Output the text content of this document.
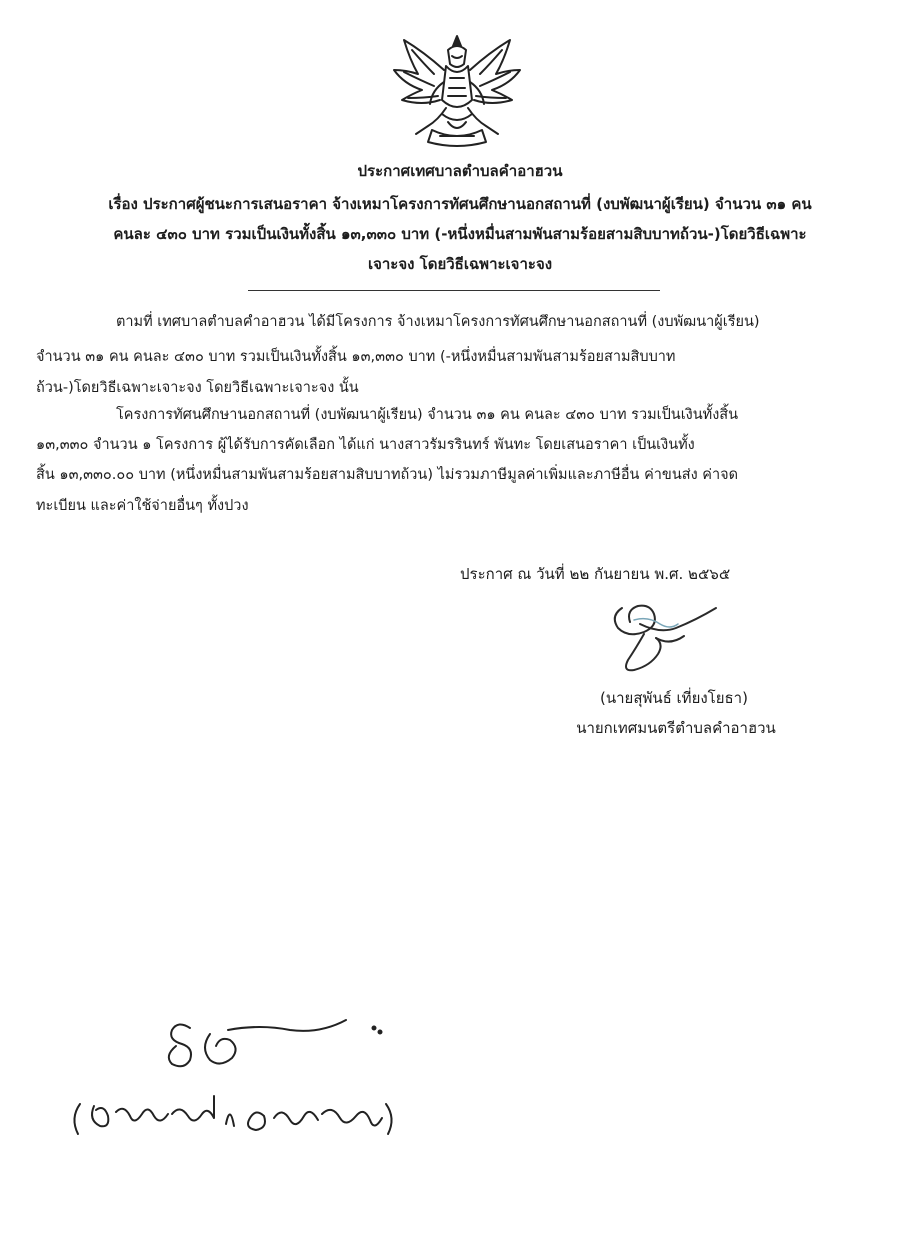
ประกาศเทศบาลตำบลคำอาฮวน
เรื่อง ประกาศผู้ชนะการเสนอราคา จ้างเหมาโครงการทัศนศึกษานอกสถานที่ (งบพัฒนาผู้เรียน) จำนวน ๓๑ คน
คนละ ๔๓๐ บาท รวมเป็นเงินทั้งสิ้น ๑๓,๓๓๐ บาท (-หนึ่งหมื่นสามพันสามร้อยสามสิบบาทถ้วน-)โดยวิธีเฉพาะ
เจาะจง โดยวิธีเฉพาะเจาะจง
ตามที่ เทศบาลตำบลคำอาฮวน ได้มีโครงการ จ้างเหมาโครงการทัศนศึกษานอกสถานที่ (งบพัฒนาผู้เรียน)
จำนวน ๓๑ คน คนละ ๔๓๐ บาท รวมเป็นเงินทั้งสิ้น ๑๓,๓๓๐ บาท (-หนึ่งหมื่นสามพันสามร้อยสามสิบบาท
ถ้วน-)โดยวิธีเฉพาะเจาะจง โดยวิธีเฉพาะเจาะจง นั้น
โครงการทัศนศึกษานอกสถานที่ (งบพัฒนาผู้เรียน) จำนวน ๓๑ คน คนละ ๔๓๐ บาท รวมเป็นเงินทั้งสิ้น
๑๓,๓๓๐ จำนวน ๑ โครงการ ผู้ได้รับการคัดเลือก ได้แก่ นางสาวรัมรรินทร์ พันทะ โดยเสนอราคา เป็นเงินทั้ง
สิ้น ๑๓,๓๓๐.๐๐ บาท (หนึ่งหมื่นสามพันสามร้อยสามสิบบาทถ้วน) ไม่รวมภาษีมูลค่าเพิ่มและภาษีอื่น ค่าขนส่ง ค่าจด
ทะเบียน และค่าใช้จ่ายอื่นๆ ทั้งปวง
ประกาศ ณ วันที่ ๒๒ กันยายน พ.ศ. ๒๕๖๕
(นายสุพันธ์ เที่ยงโยธา)
นายกเทศมนตรีตำบลคำอาฮวน
